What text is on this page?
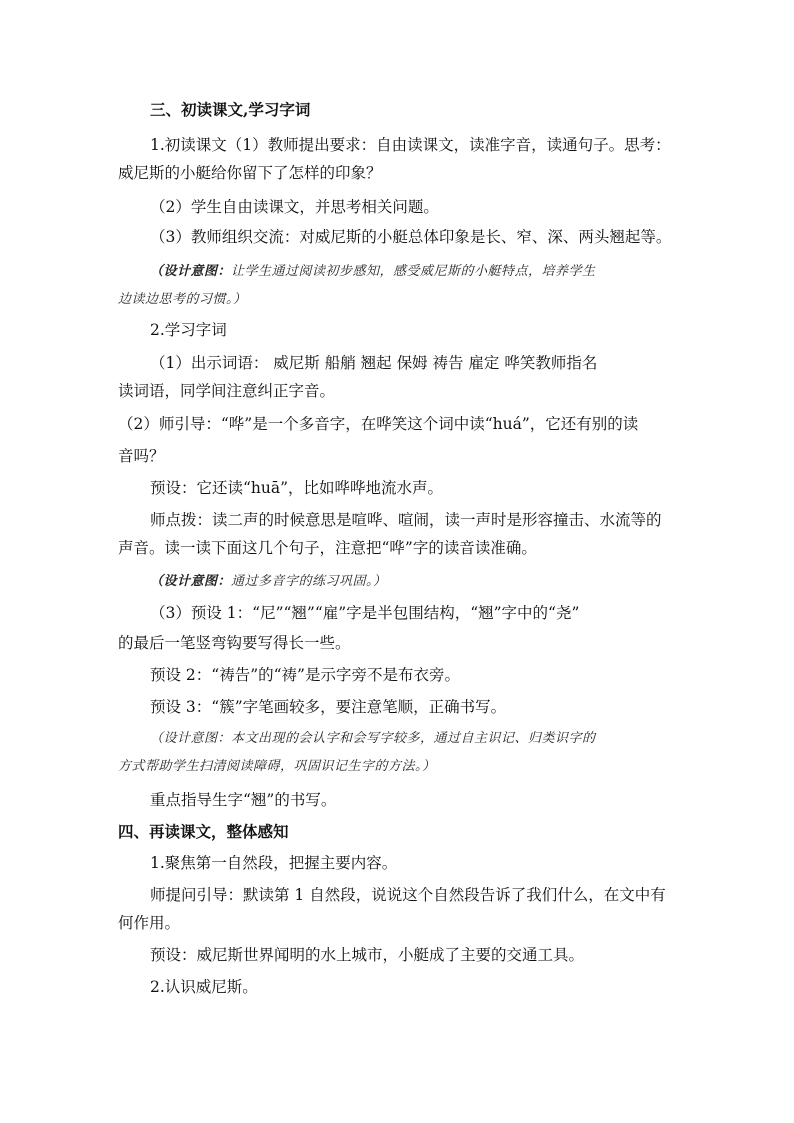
三、初读课文,学习字词
1.初读课文（1）教师提出要求：自由读课文，读准字音，读通句子。思考：
威尼斯的小艇给你留下了怎样的印象？
（2）学生自由读课文，并思考相关问题。
（3）教师组织交流：对威尼斯的小艇总体印象是长、窄、深、两头翘起等。
（设计意图：让学生通过阅读初步感知，感受威尼斯的小艇特点，培养学生
边读边思考的习惯。）
2.学习字词
（1）出示词语： 威尼斯 船艄 翘起 保姆 祷告 雇定 哗笑教师指名
读词语，同学间注意纠正字音。
（2）师引导：“哗”是一个多音字，在哗笑这个词中读“huá”，它还有别的读
音吗？
预设：它还读“huā”，比如哗哗地流水声。
师点拨：读二声的时候意思是喧哗、喧闹，读一声时是形容撞击、水流等的
声音。读一读下面这几个句子，注意把“哗”字的读音读准确。
（设计意图：通过多音字的练习巩固。）
（3）预设 1：“尼”“翘”“雇”字是半包围结构，“翘”字中的“尧”
的最后一笔竖弯钩要写得长一些。
预设 2：“祷告”的“祷”是示字旁不是布衣旁。
预设 3：“簇”字笔画较多，要注意笔顺，正确书写。
（设计意图：本文出现的会认字和会写字较多，通过自主识记、归类识字的
方式帮助学生扫清阅读障碍，巩固识记生字的方法。）
重点指导生字“翘”的书写。
四、再读课文，整体感知
1.聚焦第一自然段，把握主要内容。
师提问引导：默读第 1 自然段，说说这个自然段告诉了我们什么，在文中有
何作用。
预设：威尼斯世界闻明的水上城市，小艇成了主要的交通工具。
2.认识威尼斯。
